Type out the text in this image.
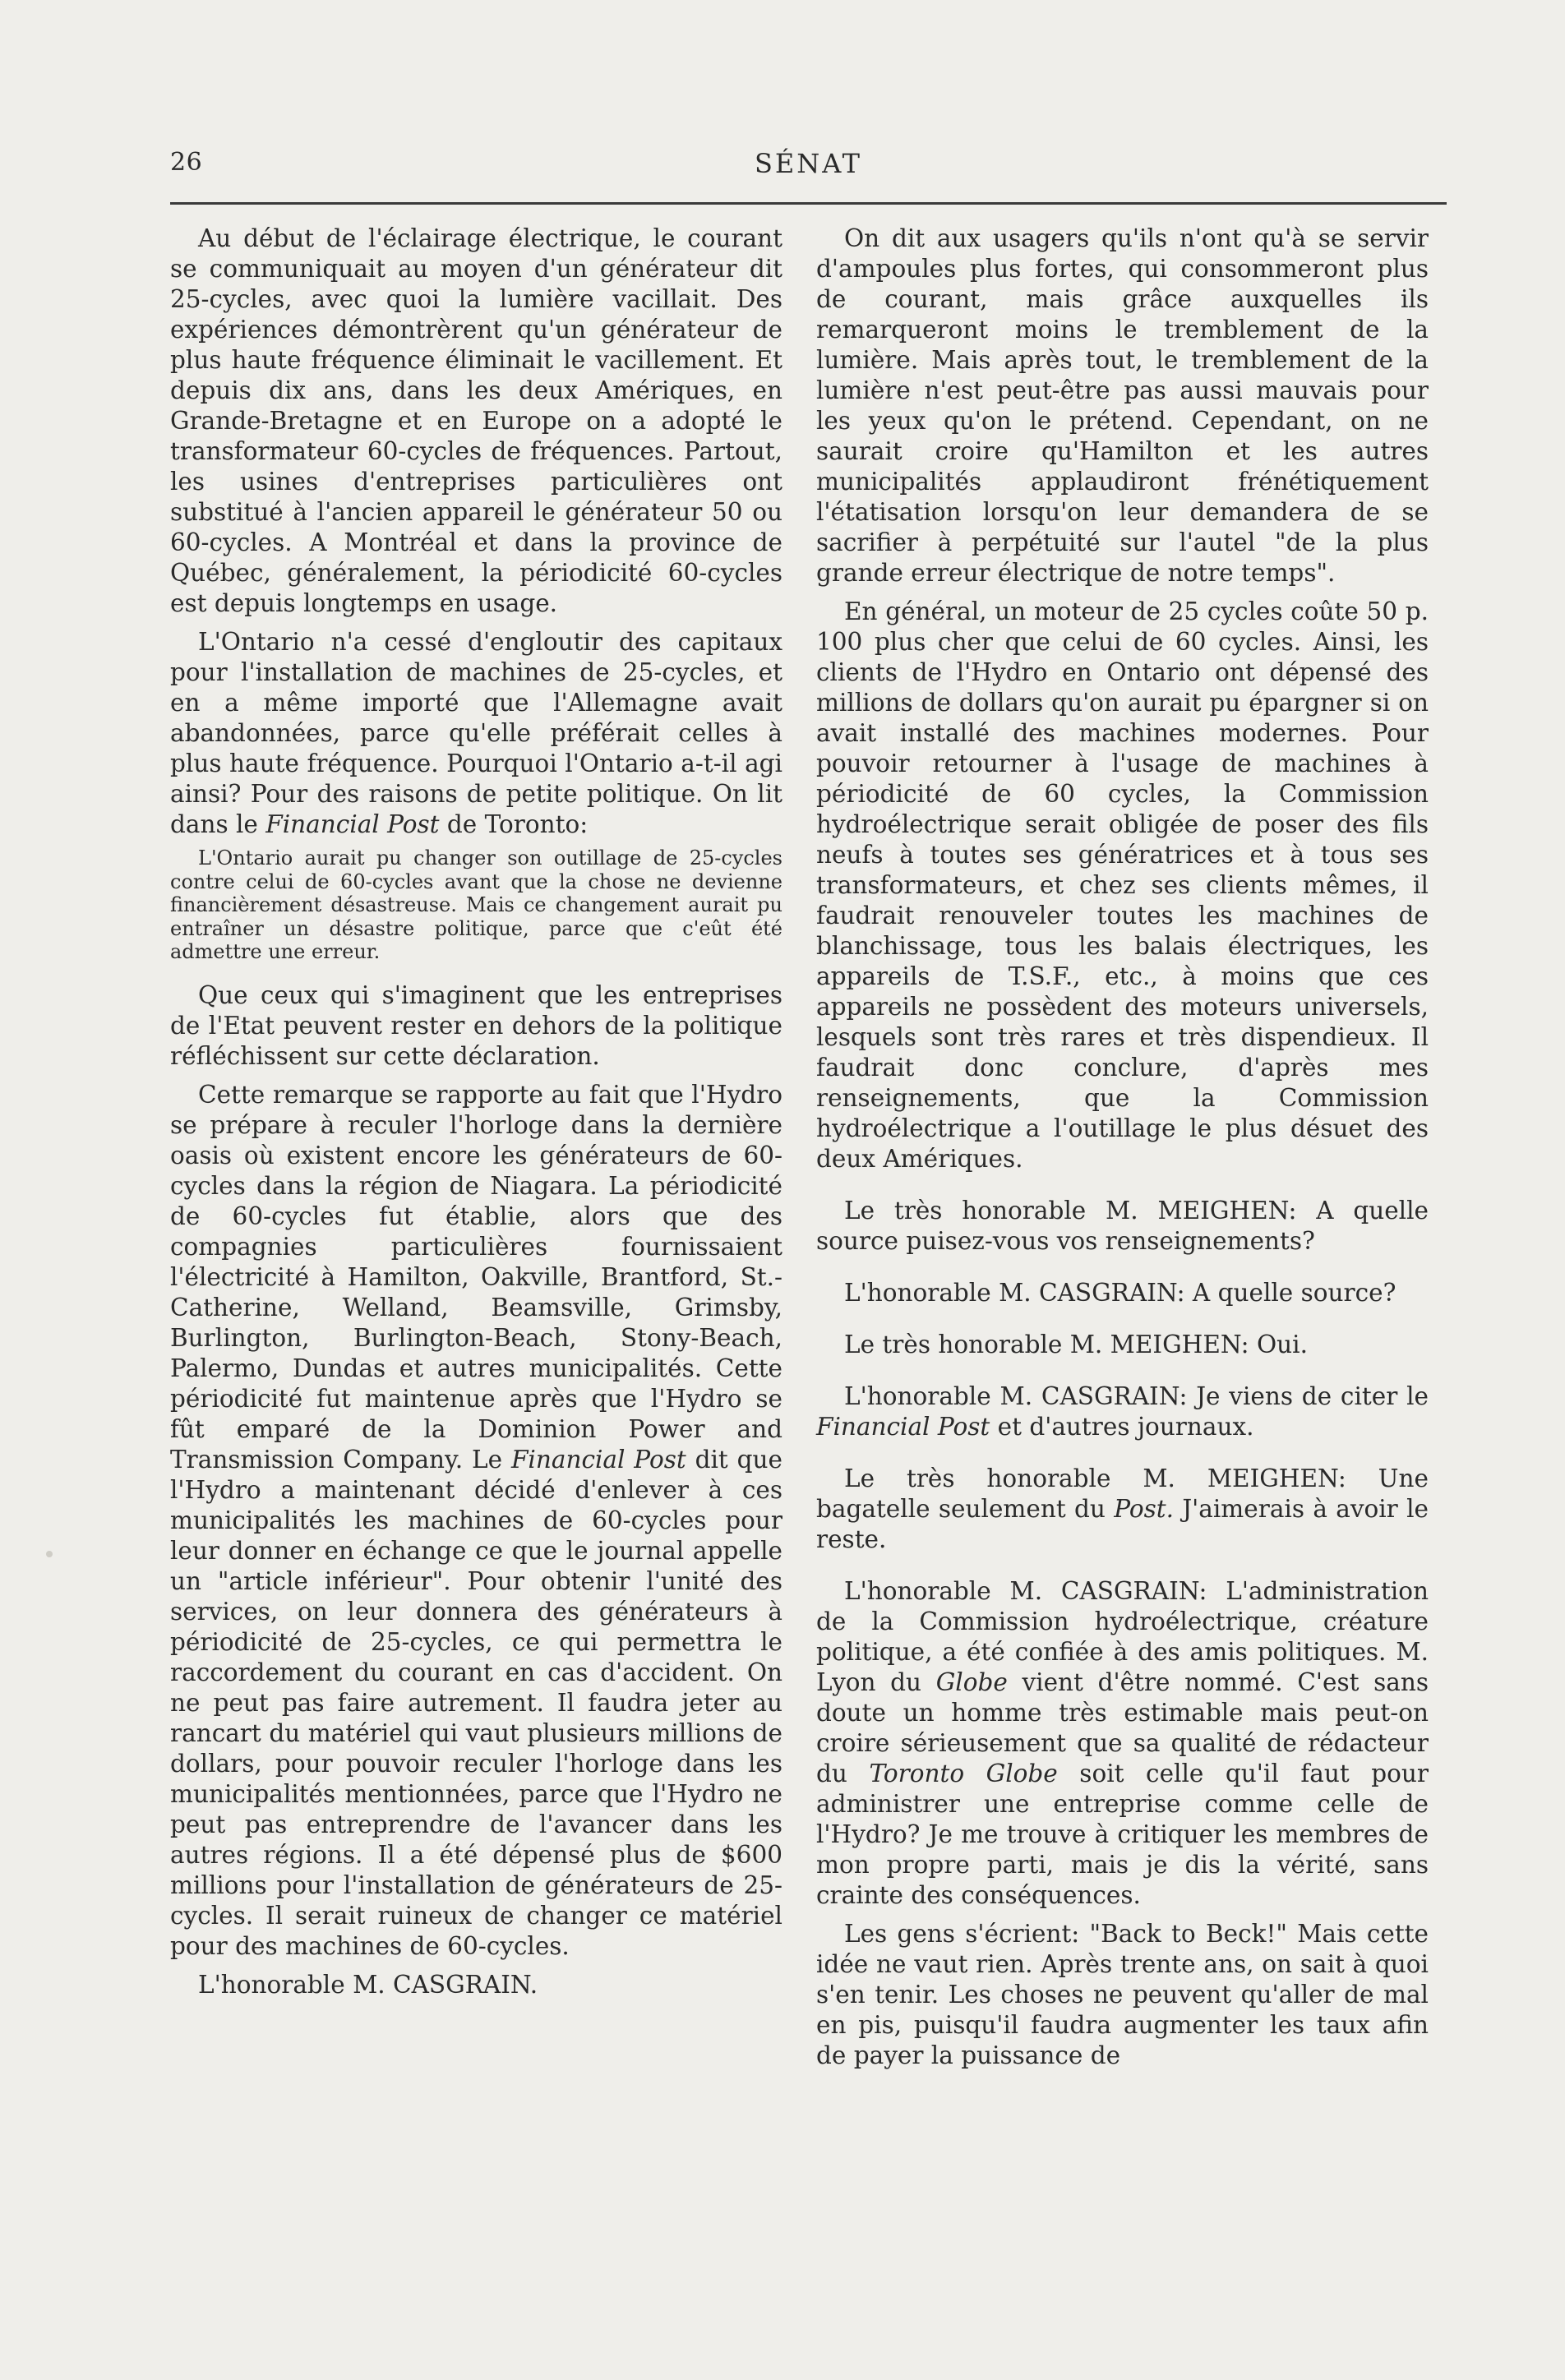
26	SÉNAT

Au début de l'éclairage électrique, le courant se communiquait au moyen d'un générateur dit 25-cycles, avec quoi la lumière vacillait. Des expériences démontrèrent qu'un générateur de plus haute fréquence éliminait le vacillement. Et depuis dix ans, dans les deux Amériques, en Grande-Bretagne et en Europe on a adopté le transformateur 60-cycles de fréquences. Partout, les usines d'entreprises particulières ont substitué à l'ancien appareil le générateur 50 ou 60-cycles. A Montréal et dans la province de Québec, généralement, la périodicité 60-cycles est depuis longtemps en usage.

L'Ontario n'a cessé d'engloutir des capitaux pour l'installation de machines de 25-cycles, et en a même importé que l'Allemagne avait abandonnées, parce qu'elle préférait celles à plus haute fréquence. Pourquoi l'Ontario a-t-il agi ainsi? Pour des raisons de petite politique. On lit dans le Financial Post de Toronto:

L'Ontario aurait pu changer son outillage de 25-cycles contre celui de 60-cycles avant que la chose ne devienne financièrement désastreuse. Mais ce changement aurait pu entraîner un désastre politique, parce que c'eût été admettre une erreur.

Que ceux qui s'imaginent que les entreprises de l'Etat peuvent rester en dehors de la politique réfléchissent sur cette déclaration.

Cette remarque se rapporte au fait que l'Hydro se prépare à reculer l'horloge dans la dernière oasis où existent encore les générateurs de 60-cycles dans la région de Niagara. La périodicité de 60-cycles fut établie, alors que des compagnies particulières fournissaient l'électricité à Hamilton, Oakville, Brantford, St.-Catherine, Welland, Beamsville, Grimsby, Burlington, Burlington-Beach, Stony-Beach, Palermo, Dundas et autres municipalités. Cette périodicité fut maintenue après que l'Hydro se fût emparé de la Dominion Power and Transmission Company. Le Financial Post dit que l'Hydro a maintenant décidé d'enlever à ces municipalités les machines de 60-cycles pour leur donner en échange ce que le journal appelle un "article inférieur". Pour obtenir l'unité des services, on leur donnera des générateurs à périodicité de 25-cycles, ce qui permettra le raccordement du courant en cas d'accident. On ne peut pas faire autrement. Il faudra jeter au rancart du matériel qui vaut plusieurs millions de dollars, pour pouvoir reculer l'horloge dans les municipalités mentionnées, parce que l'Hydro ne peut pas entreprendre de l'avancer dans les autres régions. Il a été dépensé plus de $600 millions pour l'installation de générateurs de 25-cycles. Il serait ruineux de changer ce matériel pour des machines de 60-cycles.

L'honorable M. CASGRAIN.

On dit aux usagers qu'ils n'ont qu'à se servir d'ampoules plus fortes, qui consommeront plus de courant, mais grâce auxquelles ils remarqueront moins le tremblement de la lumière. Mais après tout, le tremblement de la lumière n'est peut-être pas aussi mauvais pour les yeux qu'on le prétend. Cependant, on ne saurait croire qu'Hamilton et les autres municipalités applaudiront frénétiquement l'étatisation lorsqu'on leur demandera de se sacrifier à perpétuité sur l'autel "de la plus grande erreur électrique de notre temps".

En général, un moteur de 25 cycles coûte 50 p. 100 plus cher que celui de 60 cycles. Ainsi, les clients de l'Hydro en Ontario ont dépensé des millions de dollars qu'on aurait pu épargner si on avait installé des machines modernes. Pour pouvoir retourner à l'usage de machines à périodicité de 60 cycles, la Commission hydroélectrique serait obligée de poser des fils neufs à toutes ses génératrices et à tous ses transformateurs, et chez ses clients mêmes, il faudrait renouveler toutes les machines de blanchissage, tous les balais électriques, les appareils de T.S.F., etc., à moins que ces appareils ne possèdent des moteurs universels, lesquels sont très rares et très dispendieux. Il faudrait donc conclure, d'après mes renseignements, que la Commission hydroélectrique a l'outillage le plus désuet des deux Amériques.

Le très honorable M. MEIGHEN: A quelle source puisez-vous vos renseignements?

L'honorable M. CASGRAIN: A quelle source?

Le très honorable M. MEIGHEN: Oui.

L'honorable M. CASGRAIN: Je viens de citer le Financial Post et d'autres journaux.

Le très honorable M. MEIGHEN: Une bagatelle seulement du Post. J'aimerais à avoir le reste.

L'honorable M. CASGRAIN: L'administration de la Commission hydroélectrique, créature politique, a été confiée à des amis politiques. M. Lyon du Globe vient d'être nommé. C'est sans doute un homme très estimable mais peut-on croire sérieusement que sa qualité de rédacteur du Toronto Globe soit celle qu'il faut pour administrer une entreprise comme celle de l'Hydro? Je me trouve à critiquer les membres de mon propre parti, mais je dis la vérité, sans crainte des conséquences.

Les gens s'écrient: "Back to Beck!" Mais cette idée ne vaut rien. Après trente ans, on sait à quoi s'en tenir. Les choses ne peuvent qu'aller de mal en pis, puisqu'il faudra augmenter les taux afin de payer la puissance de
